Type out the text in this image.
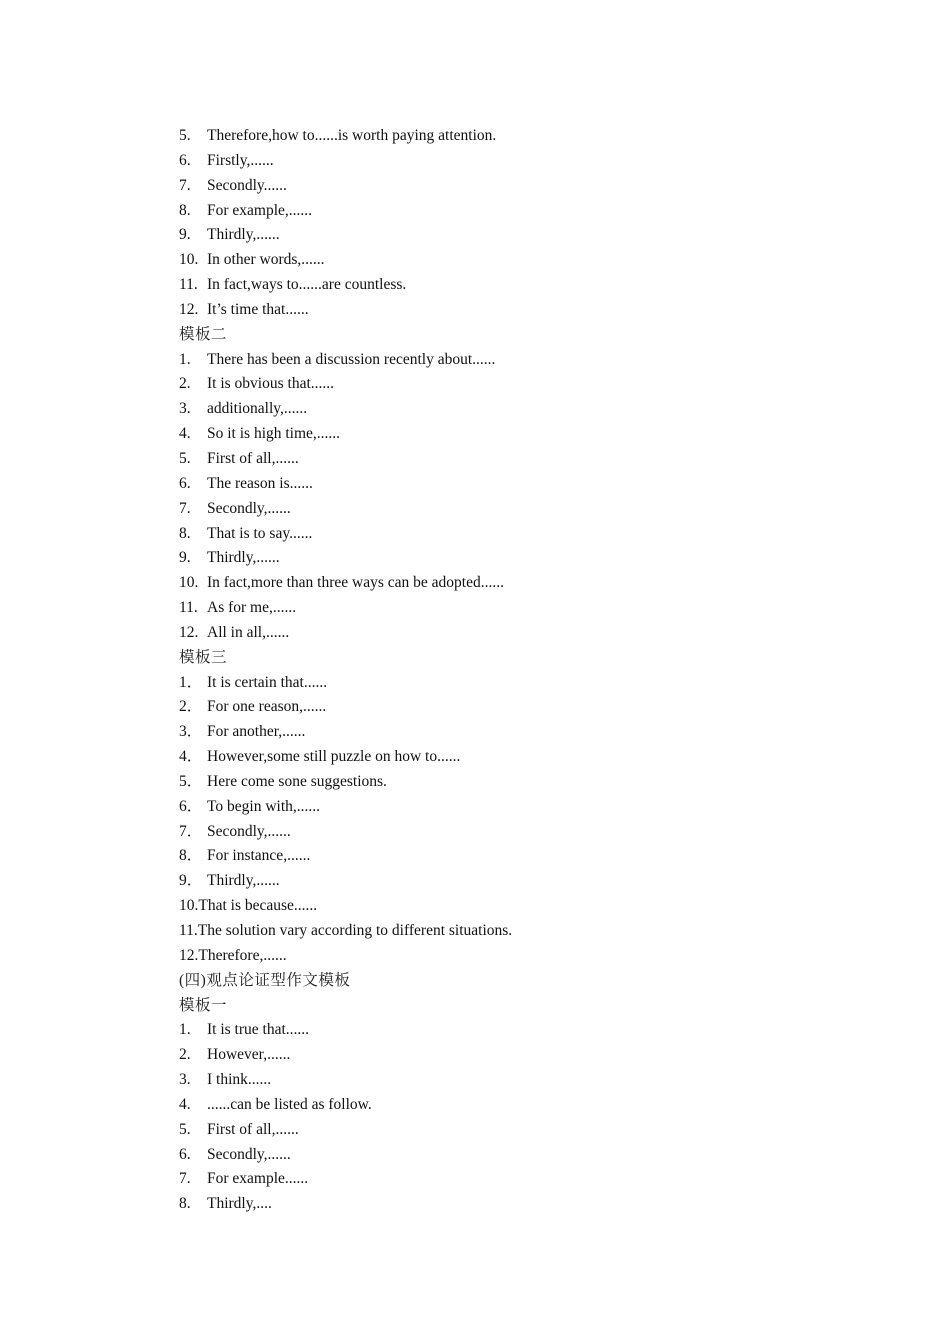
5. Therefore,how to......is worth paying attention.
6. Firstly,......
7. Secondly......
8. For example,......
9. Thirdly,......
10. In other words,......
11. In fact,ways to......are countless.
12. It’s time that......
模板二
1. There has been a discussion recently about......
2. It is obvious that......
3. additionally,......
4. So it is high time,......
5. First of all,......
6. The reason is......
7. Secondly,......
8. That is to say......
9. Thirdly,......
10. In fact,more than three ways can be adopted......
11. As for me,......
12. All in all,......
模板三
1． It is certain that......
2． For one reason,......
3． For another,......
4． However,some still puzzle on how to......
5． Here come sone suggestions.
6． To begin with,......
7． Secondly,......
8． For instance,......
9． Thirdly,......
10.That is because......
11.The solution vary according to different situations.
12.Therefore,......
(四)观点论证型作文模板
模板一
1. It is true that......
2. However,......
3. I think......
4. ......can be listed as follow.
5. First of all,......
6. Secondly,......
7. For example......
8. Thirdly,....
